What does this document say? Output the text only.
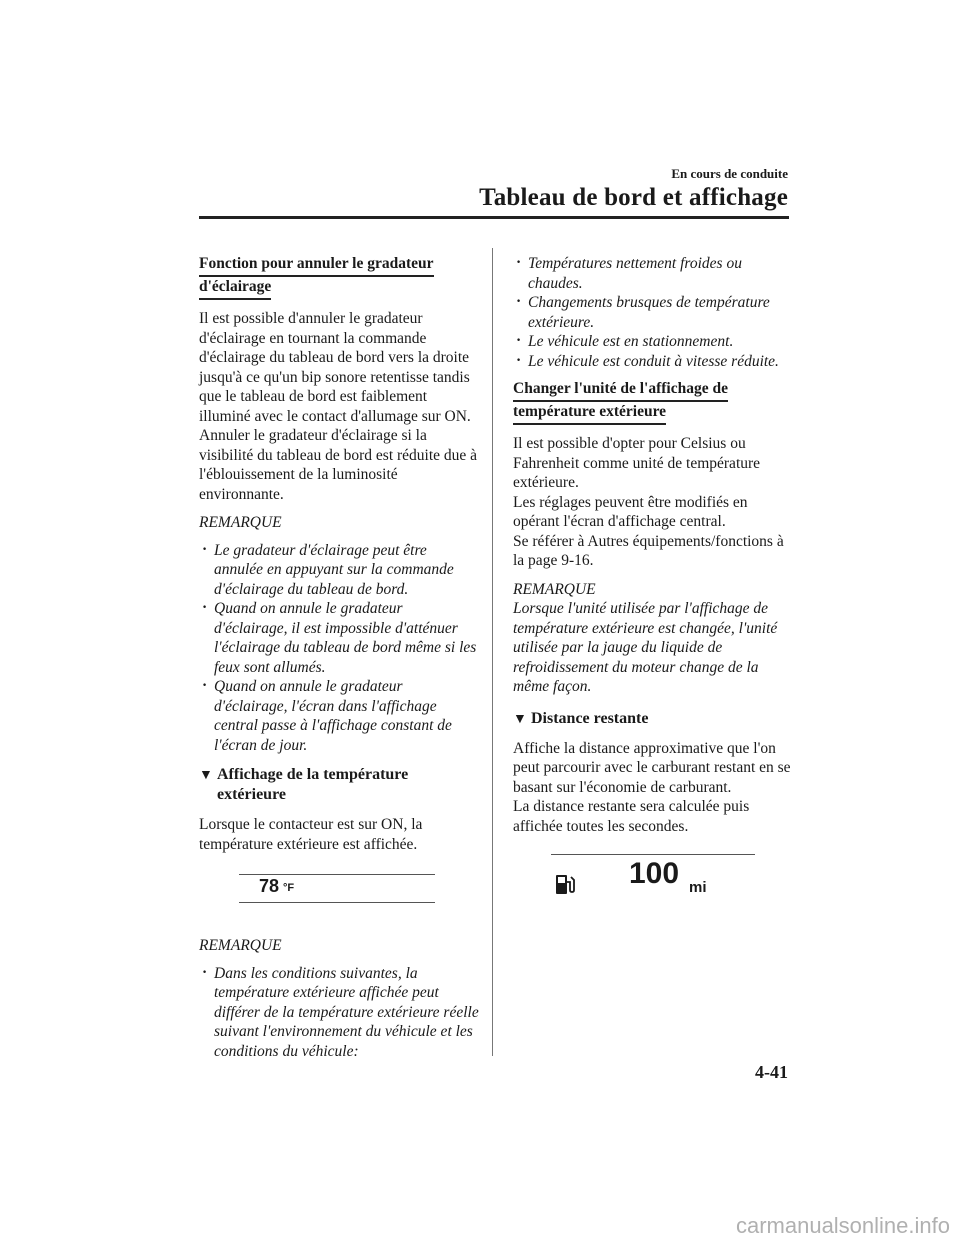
En cours de conduite
Tableau de bord et affichage
Fonction pour annuler le gradateur
d'éclairage

Il est possible d'annuler le gradateur d'éclairage en tournant la commande d'éclairage du tableau de bord vers la droite jusqu'à ce qu'un bip sonore retentisse tandis que le tableau de bord est faiblement illuminé avec le contact d'allumage sur ON. Annuler le gradateur d'éclairage si la visibilité du tableau de bord est réduite due à l'éblouissement de la luminosité environnante.

REMARQUE

· Le gradateur d'éclairage peut être annulée en appuyant sur la commande d'éclairage du tableau de bord.
· Quand on annule le gradateur d'éclairage, il est impossible d'atténuer l'éclairage du tableau de bord même si les feux sont allumés.
· Quand on annule le gradateur d'éclairage, l'écran dans l'affichage central passe à l'affichage constant de l'écran de jour.
▼ Affichage de la température
extérieure

Lorsque le contacteur est sur ON, la température extérieure est affichée.

78 °F

REMARQUE

· Dans les conditions suivantes, la température extérieure affichée peut différer de la température extérieure réelle suivant l'environnement du véhicule et les conditions du véhicule:
· Températures nettement froides ou chaudes.
· Changements brusques de température extérieure.
· Le véhicule est en stationnement.
· Le véhicule est conduit à vitesse réduite.
Changer l'unité de l'affichage de
température extérieure

Il est possible d'opter pour Celsius ou Fahrenheit comme unité de température extérieure.

Les réglages peuvent être modifiés en opérant l'écran d'affichage central.

Se référer à Autres équipements/fonctions à la page 9-16.

REMARQUE

Lorsque l'unité utilisée par l'affichage de température extérieure est changée, l'unité utilisée par la jauge du liquide de refroidissement du moteur change de la même façon.

▼ Distance restante

Affiche la distance approximative que l'on peut parcourir avec le carburant restant en se basant sur l'économie de carburant.

La distance restante sera calculée puis affichée toutes les secondes.

100 mi
4-41
carmanualsonline.info
